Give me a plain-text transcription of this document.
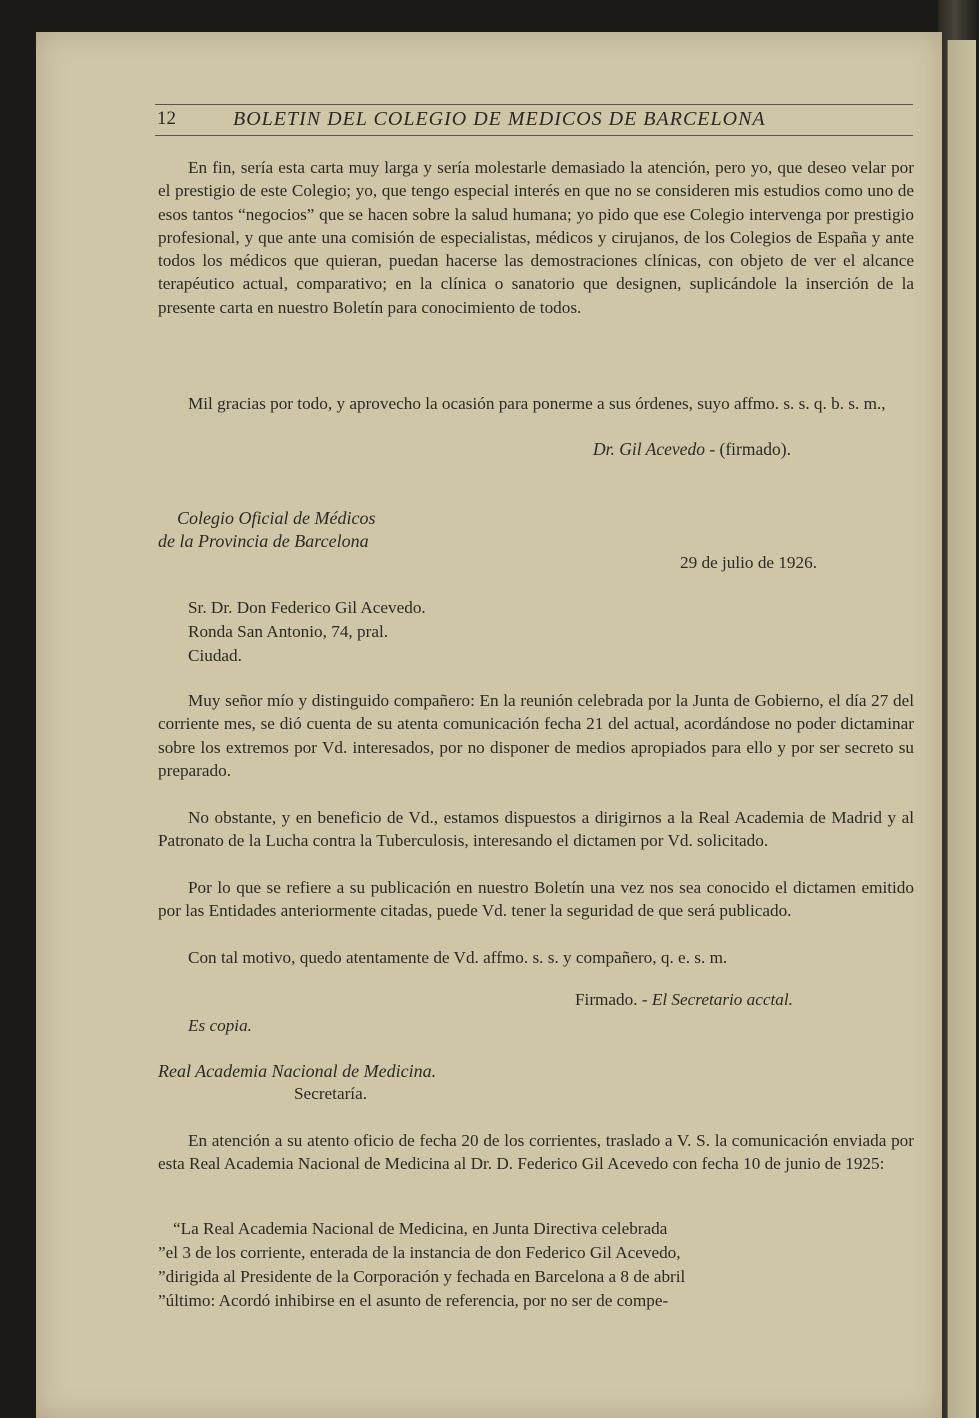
12	BOLETIN DEL COLEGIO DE MEDICOS DE BARCELONA

En fin, sería esta carta muy larga y sería molestarle demasiado la atención, pero yo, que deseo velar por el prestigio de este Colegio; yo, que tengo especial interés en que no se consideren mis estudios como uno de esos tantos “negocios” que se hacen sobre la salud humana; yo pido que ese Colegio intervenga por prestigio profesional, y que ante una comisión de especialistas, médicos y cirujanos, de los Colegios de España y ante todos los médicos que quieran, puedan hacerse las demostraciones clínicas, con objeto de ver el alcance terapéutico actual, comparativo; en la clínica o sanatorio que designen, suplicándole la inserción de la presente carta en nuestro Boletín para conocimiento de todos.

Mil gracias por todo, y aprovecho la ocasión para ponerme a sus órdenes, suyo affmo. s. s. q. b. s. m.,

Dr. Gil Acevedo - (firmado).
Colegio Oficial de Médicos
de la Provincia de Barcelona
29 de julio de 1926.
Sr. Dr. Don Federico Gil Acevedo.
Ronda San Antonio, 74, pral.
Ciudad.

Muy señor mío y distinguido compañero: En la reunión celebrada por la Junta de Gobierno, el día 27 del corriente mes, se dió cuenta de su atenta comunicación fecha 21 del actual, acordándose no poder dictaminar sobre los extremos por Vd. interesados, por no disponer de medios apropiados para ello y por ser secreto su preparado.

No obstante, y en beneficio de Vd., estamos dispuestos a dirigirnos a la Real Academia de Madrid y al Patronato de la Lucha contra la Tuberculosis, interesando el dictamen por Vd. solicitado.

Por lo que se refiere a su publicación en nuestro Boletín una vez nos sea conocido el dictamen emitido por las Entidades anteriormente citadas, puede Vd. tener la seguridad de que será publicado.

Con tal motivo, quedo atentamente de Vd. affmo. s. s. y compañero, q. e. s. m.

Firmado. - El Secretario acctal.
Es copia.
Real Academia Nacional de Medicina.
Secretaría.

En atención a su atento oficio de fecha 20 de los corrientes, traslado a V. S. la comunicación enviada por esta Real Academia Nacional de Medicina al Dr. D. Federico Gil Acevedo con fecha 10 de junio de 1925:

“La Real Academia Nacional de Medicina, en Junta Directiva celebrada
”el 3 de los corriente, enterada de la instancia de don Federico Gil Acevedo,
”dirigida al Presidente de la Corporación y fechada en Barcelona a 8 de abril
”último: Acordó inhibirse en el asunto de referencia, por no ser de compe-
